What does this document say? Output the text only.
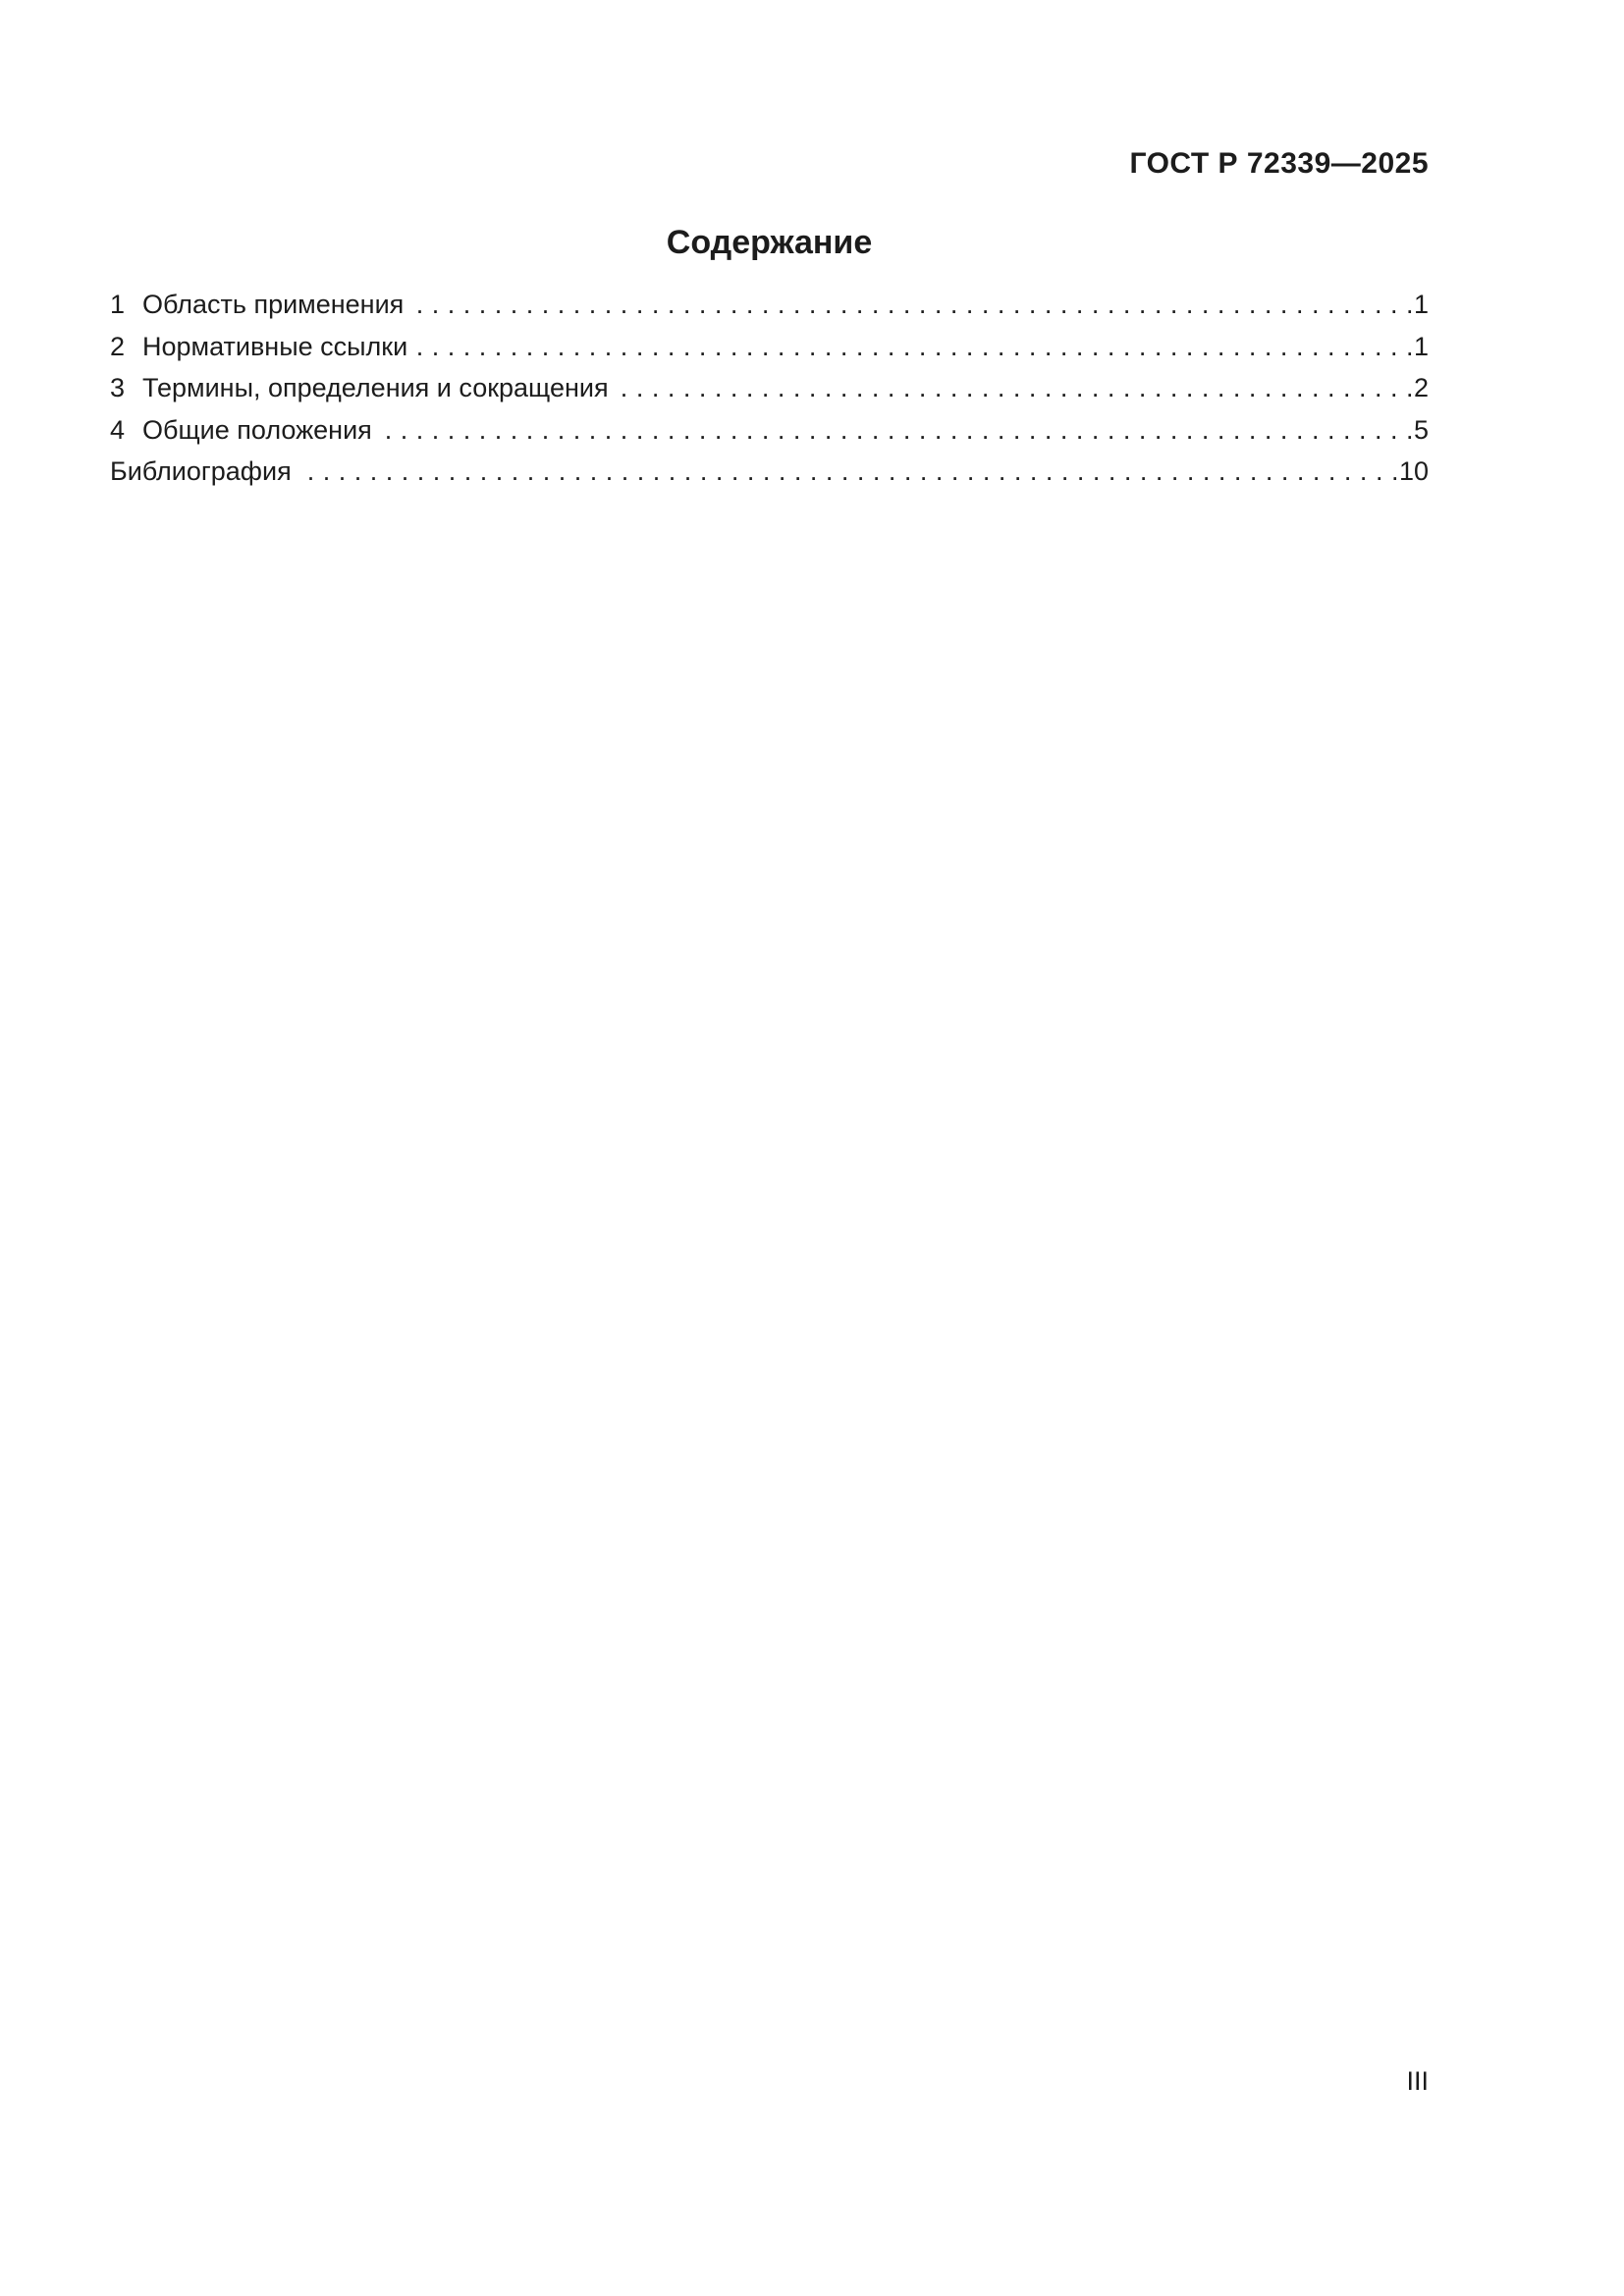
ГОСТ Р 72339—2025
Содержание
1 Область применения . . .	1
2 Нормативные ссылки . . .	1
3 Термины, определения и сокращения . . .	2
4 Общие положения . . .	5
Библиография . . .	10
III
